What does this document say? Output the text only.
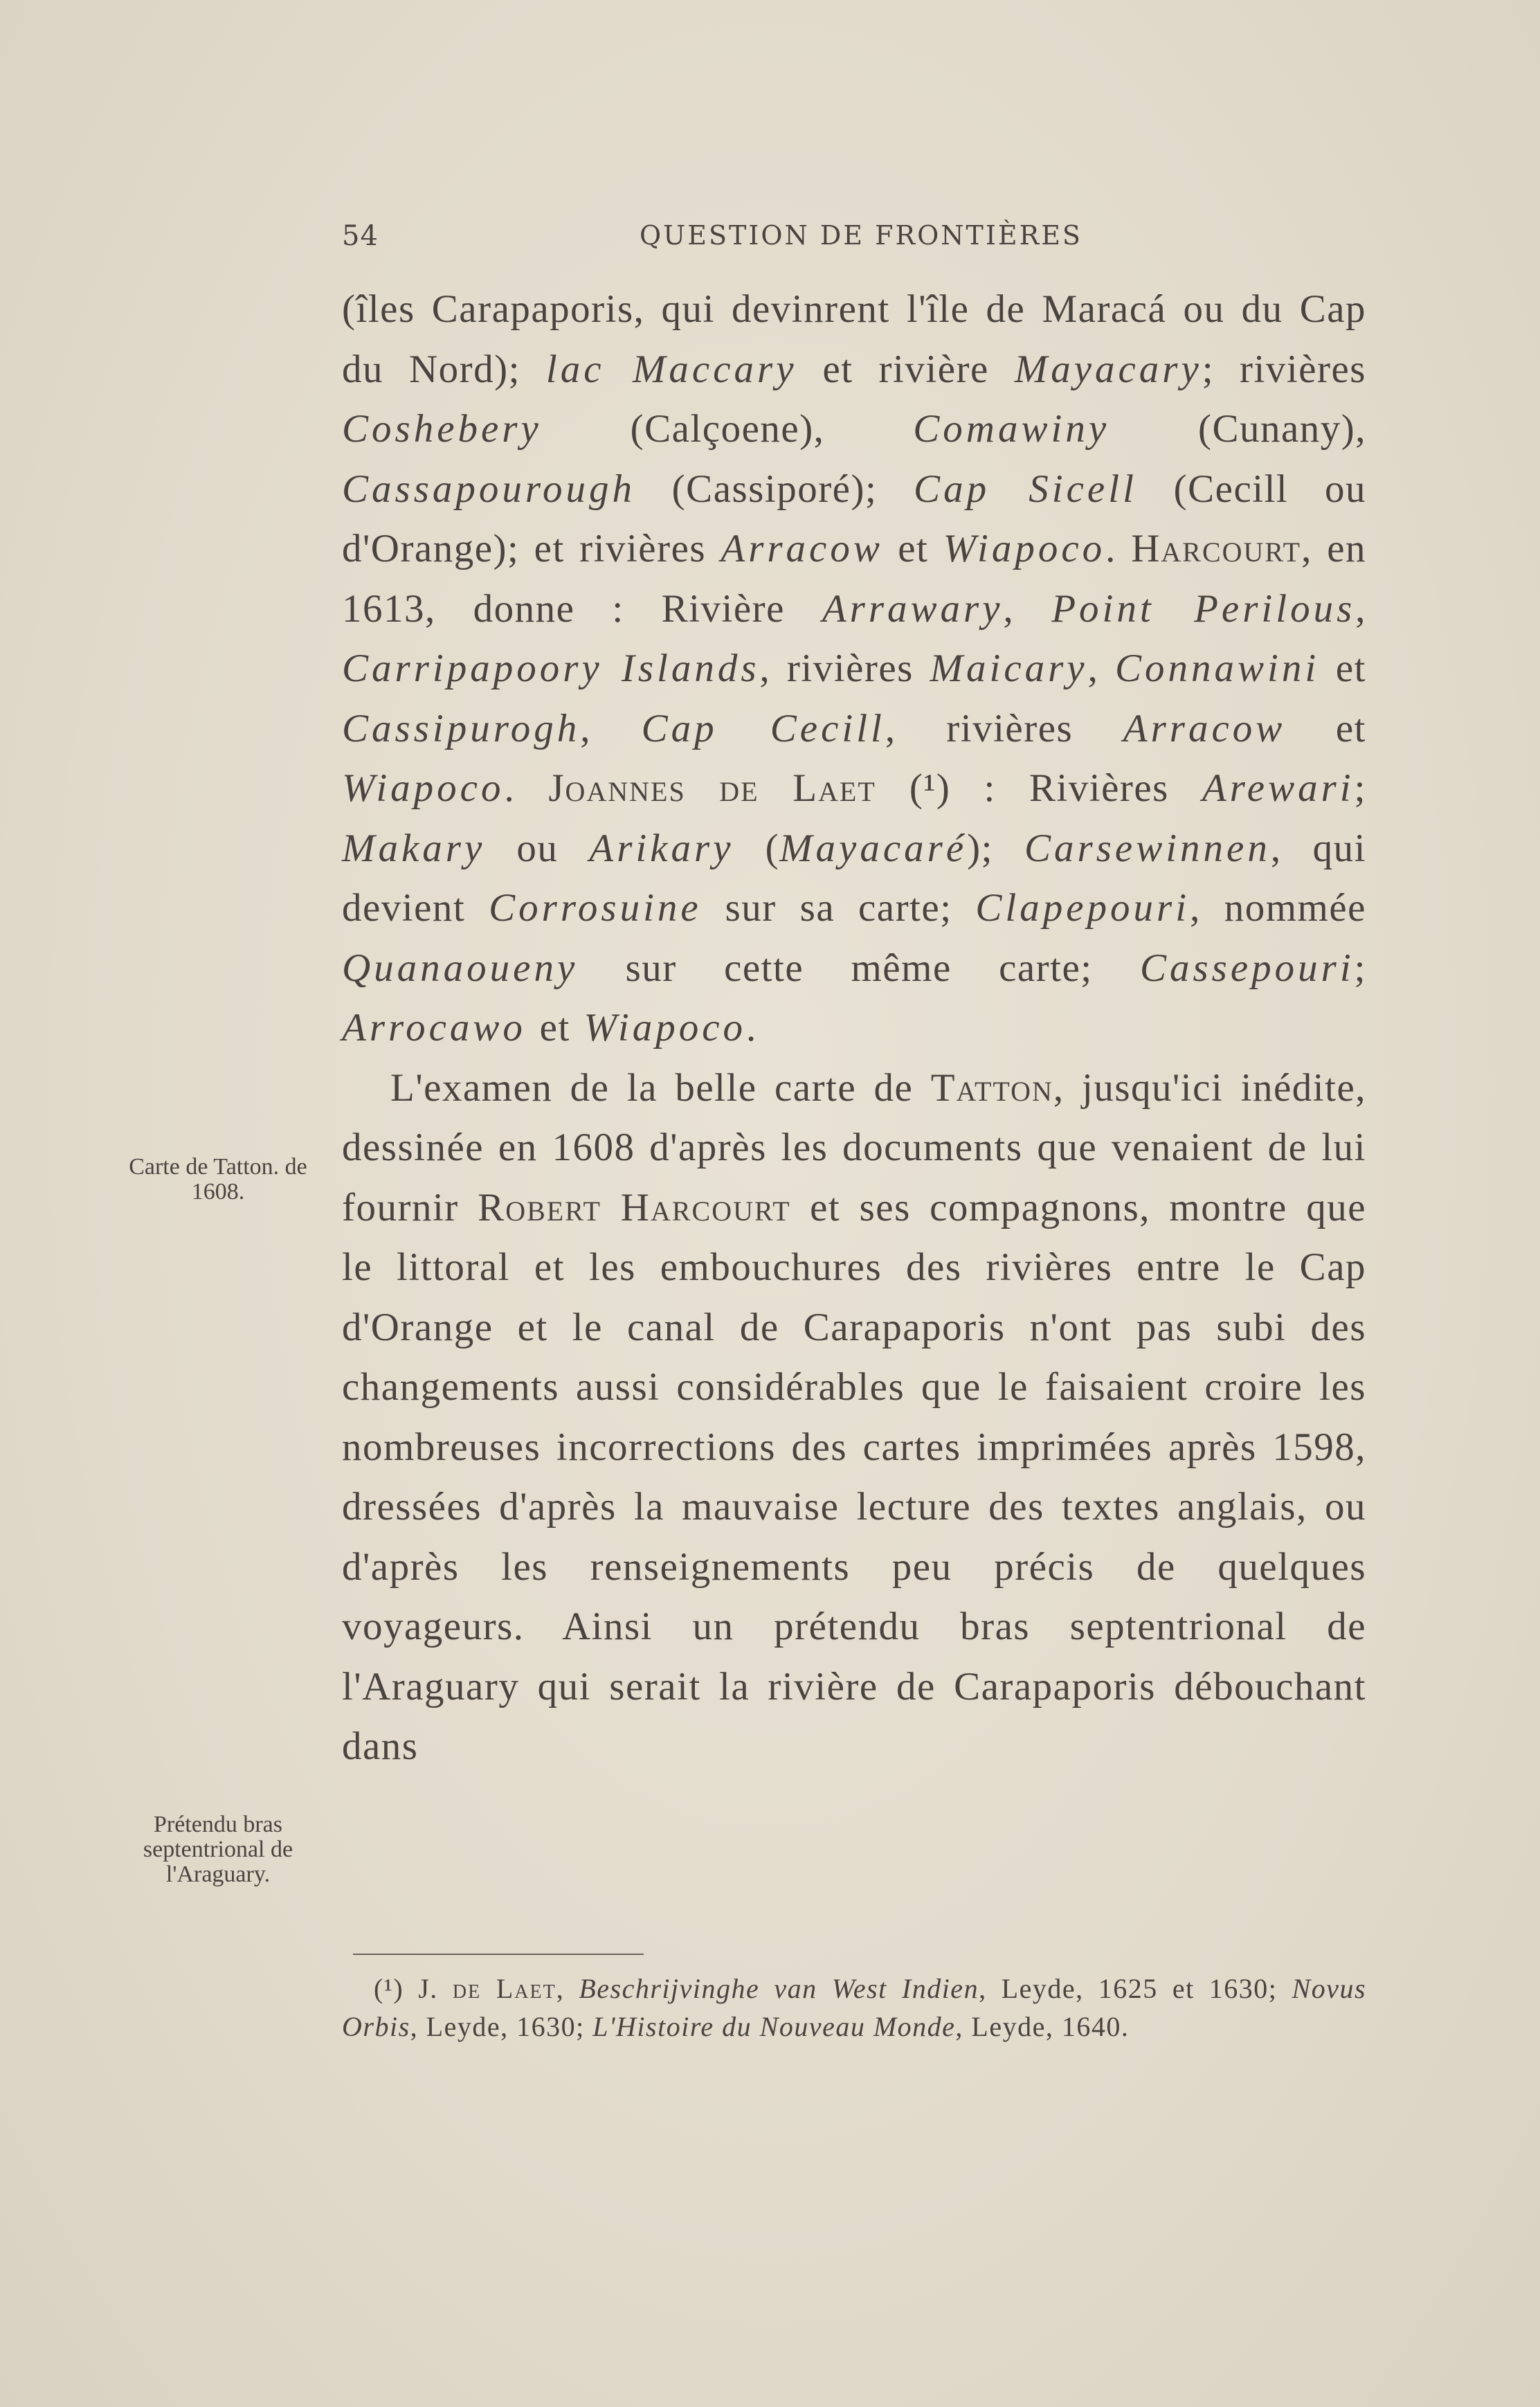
54	QUESTION DE FRONTIÈRES
Carte de Tatton. de 1608.
Prétendu bras septentrional de l'Araguary.

(îles Carapaporis, qui devinrent l'île de Maracá ou du Cap du Nord); lac Maccary et rivière Mayacary; rivières Coshebery (Calçoene), Comawiny (Cunany), Cassapourough (Cassiporé); Cap Sicell (Cecill ou d'Orange); et rivières Arracow et Wiapoco. Harcourt, en 1613, donne : Rivière Arrawary, Point Perilous, Carripapoory Islands, rivières Maicary, Connawini et Cassipurogh, Cap Cecill, rivières Arracow et Wiapoco. Joannes de Laet (¹) : Rivières Arewari; Makary ou Arikary (Mayacaré); Carsewinnen, qui devient Corrosuine sur sa carte; Clapepouri, nommée Quanaoueny sur cette même carte; Cassepouri; Arrocawo et Wiapoco.

L'examen de la belle carte de Tatton, jusqu'ici inédite, dessinée en 1608 d'après les documents que venaient de lui fournir Robert Harcourt et ses compagnons, montre que le littoral et les embouchures des rivières entre le Cap d'Orange et le canal de Carapaporis n'ont pas subi des changements aussi considérables que le faisaient croire les nombreuses incorrections des cartes imprimées après 1598, dressées d'après la mauvaise lecture des textes anglais, ou d'après les renseignements peu précis de quelques voyageurs. Ainsi un prétendu bras septentrional de l'Araguary qui serait la rivière de Carapaporis débouchant dans

(¹) J. de Laet, Beschrijvinghe van West Indien, Leyde, 1625 et 1630; Novus Orbis, Leyde, 1630; L'Histoire du Nouveau Monde, Leyde, 1640.
